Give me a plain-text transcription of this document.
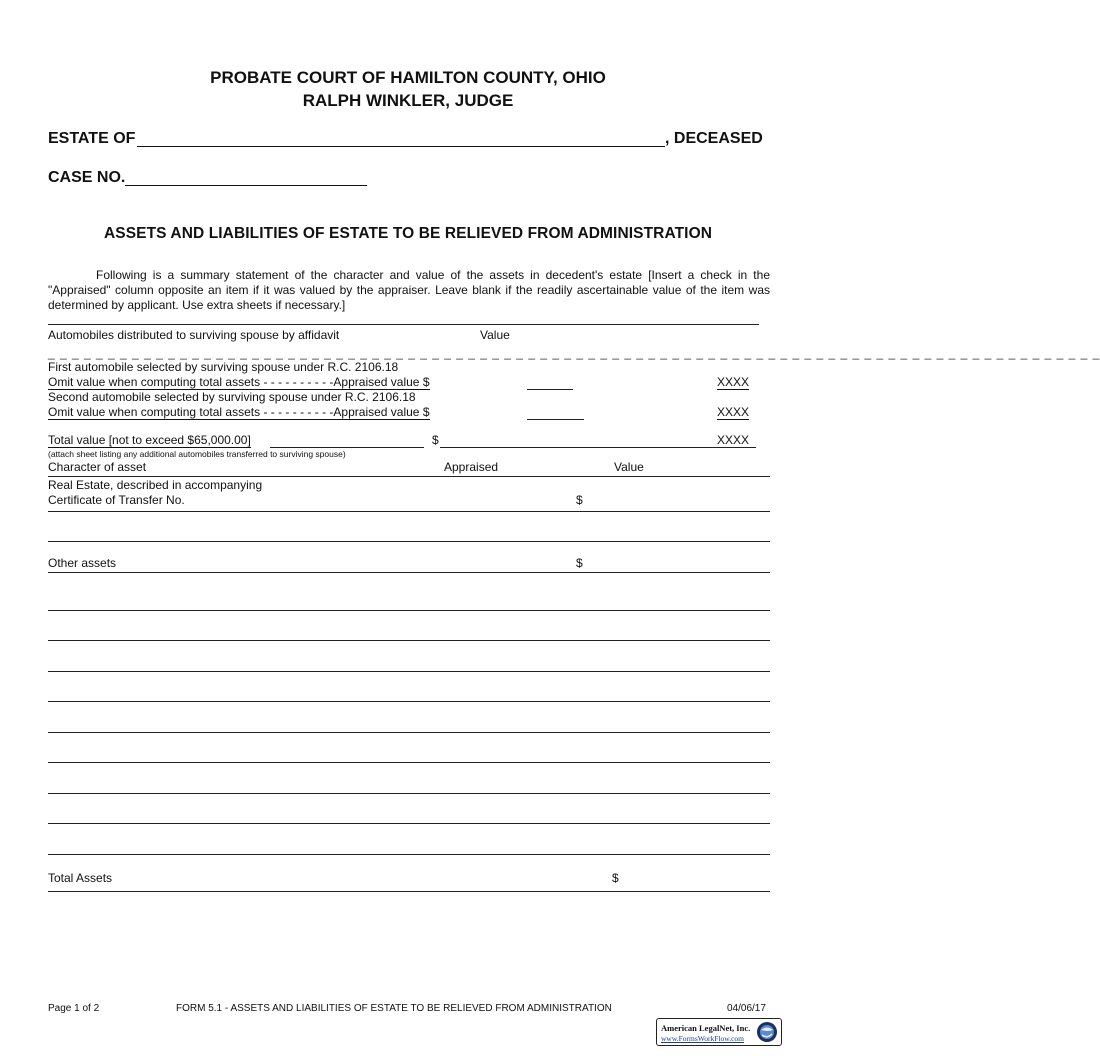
PROBATE COURT OF HAMILTON COUNTY, OHIO
RALPH WINKLER, JUDGE
ESTATE OF	, DECEASED
CASE NO.
ASSETS AND LIABILITIES OF ESTATE TO BE RELIEVED FROM ADMINISTRATION
Following is a summary statement of the character and value of the assets in decedent's estate [Insert a check in the "Appraised" column opposite an item if it was valued by the appraiser. Leave blank if the readily ascertainable value of the item was determined by applicant. Use extra sheets if necessary.]
Automobiles distributed to surviving spouse by affidavit	Value
_ _ _ _ _ _ _ _ _ _ _ _ _ _ _ _ _ _ _ _ _ _ _ _ _ _ _ _ _ _ _ _ _ _ _ _ _ _ _ _ _ _ _ _ _ _ _ _ _ _ _ _ _ _ _ _ _ _ _ _ _ _ _ _ _ _ _ _ _ _ _ _ _ _ _ _ _ _ _ _ _ _ _ _ _ _ _ _
First automobile selected by surviving spouse under R.C. 2106.18
Omit value when computing total assets - - - - - - - - - -Appraised value $	XXXX
Second automobile selected by surviving spouse under R.C. 2106.18
Omit value when computing total assets - - - - - - - - - -Appraised value $	XXXX
Total value [not to exceed $65,000.00]	$	XXXX
(attach sheet listing any additional automobiles transferred to surviving spouse)
Character of asset	Appraised	Value
Real Estate, described in accompanying
Certificate of Transfer No.	$
Other assets	$
Total Assets	$
Page 1 of 2	FORM 5.1 - ASSETS AND LIABILITIES OF ESTATE TO BE RELIEVED FROM ADMINISTRATION	04/06/17
American LegalNet, Inc.
www.FormsWorkFlow.com
